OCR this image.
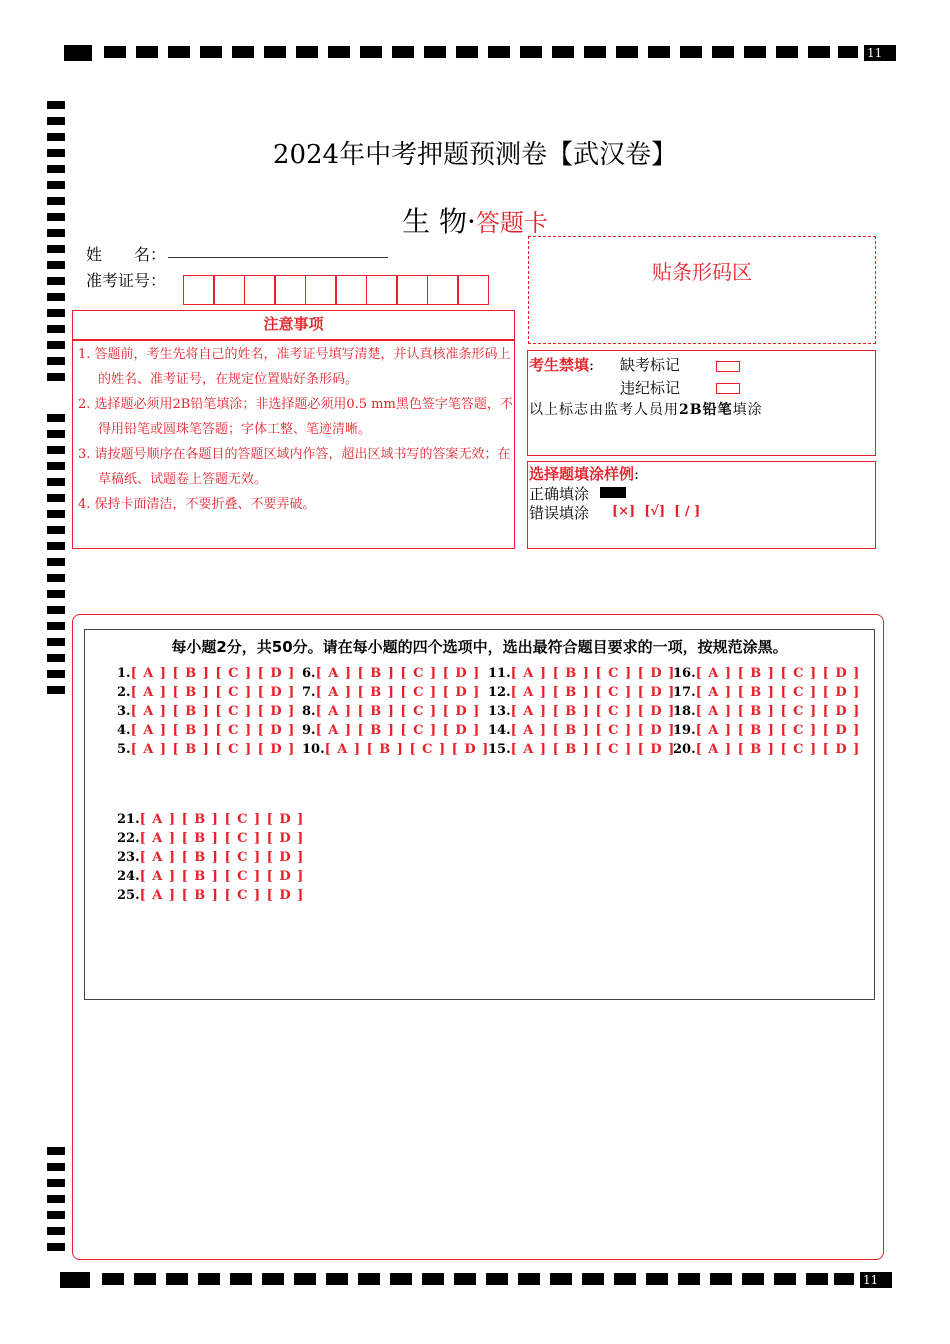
11
11
2024年中考押题预测卷【武汉卷】
生 物·答题卡
姓　　名：
准考证号：
注意事项

1. 答题前，考生先将自己的姓名，准考证号填写清楚，并认真核准条形码上的姓名、准考证号，在规定位置贴好条形码。

2. 选择题必须用2B铅笔填涂；非选择题必须用0.5 mm黑色签字笔答题，不得用铅笔或圆珠笔答题；字体工整、笔迹清晰。

3. 请按题号顺序在各题目的答题区域内作答，超出区域书写的答案无效；在草稿纸、试题卷上答题无效。

4. 保持卡面清洁，不要折叠、不要弄破。

贴条形码区
考生禁填: 缺考标记
违纪标记
以上标志由监考人员用2B铅笔填涂
选择题填涂样例:
正确填涂
错误填涂 [×]  [√]  [ / ]
每小题2分，共50分。请在每小题的四个选项中，选出最符合题目要求的一项，按规范涂黑。
1.[ A ] [ B ] [ C ] [ D ]
2.[ A ] [ B ] [ C ] [ D ]
3.[ A ] [ B ] [ C ] [ D ]
4.[ A ] [ B ] [ C ] [ D ]
5.[ A ] [ B ] [ C ] [ D ]
6.[ A ] [ B ] [ C ] [ D ]
7.[ A ] [ B ] [ C ] [ D ]
8.[ A ] [ B ] [ C ] [ D ]
9.[ A ] [ B ] [ C ] [ D ]
10.[ A ] [ B ] [ C ] [ D ]
11.[ A ] [ B ] [ C ] [ D ]
12.[ A ] [ B ] [ C ] [ D ]
13.[ A ] [ B ] [ C ] [ D ]
14.[ A ] [ B ] [ C ] [ D ]
15.[ A ] [ B ] [ C ] [ D ]
16.[ A ] [ B ] [ C ] [ D ]
17.[ A ] [ B ] [ C ] [ D ]
18.[ A ] [ B ] [ C ] [ D ]
19.[ A ] [ B ] [ C ] [ D ]
20.[ A ] [ B ] [ C ] [ D ]
21.[ A ] [ B ] [ C ] [ D ]
22.[ A ] [ B ] [ C ] [ D ]
23.[ A ] [ B ] [ C ] [ D ]
24.[ A ] [ B ] [ C ] [ D ]
25.[ A ] [ B ] [ C ] [ D ]
